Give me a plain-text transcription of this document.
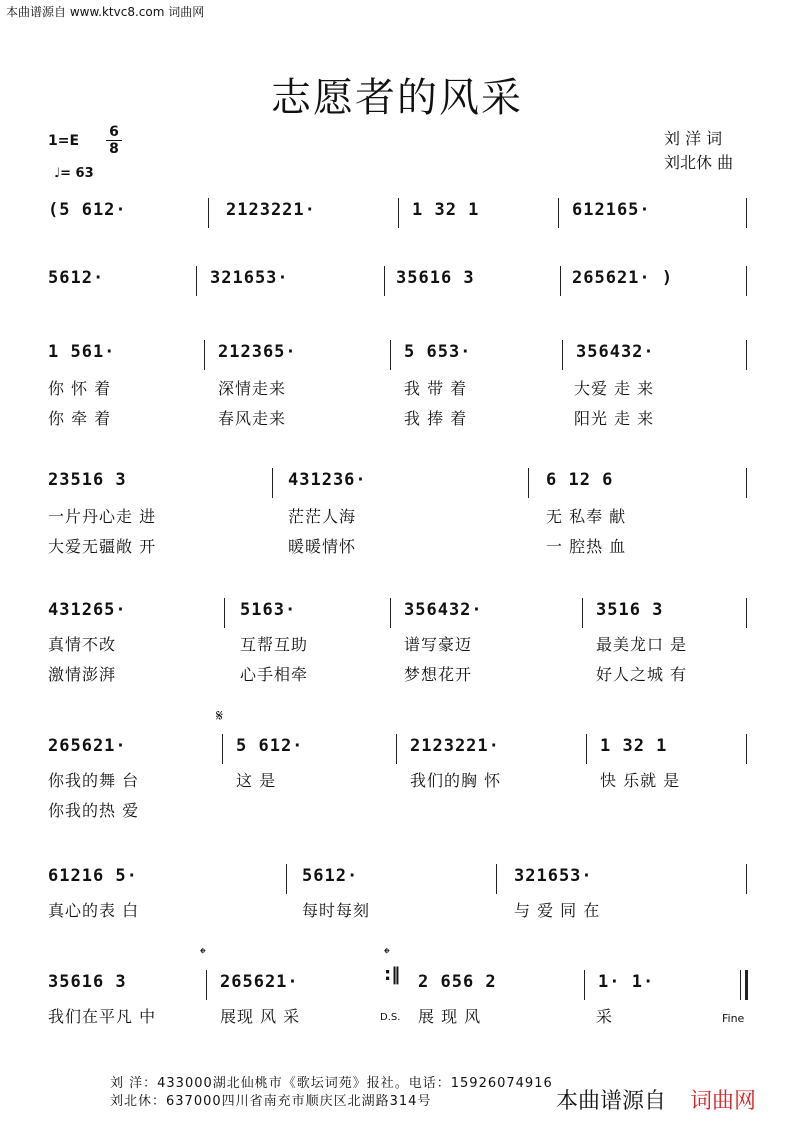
本曲谱源自 www.ktvc8.com 词曲网
志愿者的风采
$1=E \frac{6}{8}$
♩= 63
刘 洋 词
刘北休 曲
(5 612·	2123221·	1 32 1	612165·
5612·	321653·	35616 3	265621· )
1 561·	212365·	5 653·	356432·
你 怀 着	深情走来	我 带 着	大爱 走 来
你 牵 着	春风走来	我 捧 着	阳光 走 来
23516 3	431236·	6 12 6
一片丹心走 进	茫茫人海	无 私奉 献
大爱无疆敞 开	暖暖情怀	一 腔热 血
431265·	5163·	356432·	3516 3
真情不改	互帮互助	谱写豪迈	最美龙口 是
激情澎湃	心手相牵	梦想花开	好人之城 有
𝄋
265621·	5 612·	2123221·	1 32 1
你我的舞 台	这 是	我们的胸 怀	快 乐就 是
你我的热 爱
61216 5·	5612·	321653·
真心的表 白	每时每刻	与 爱 同 在
𝄌	𝄌
35616 3	265621·	:‖ 2 656 2	1· 1·
我们在平凡 中	展现 风 采	D.S. 展 现 风	采	Fine
刘 洋：433000湖北仙桃市《歌坛词苑》报社。电话：15926074916
刘北休：637000四川省南充市顺庆区北湖路314号	本曲谱源自 词曲网
